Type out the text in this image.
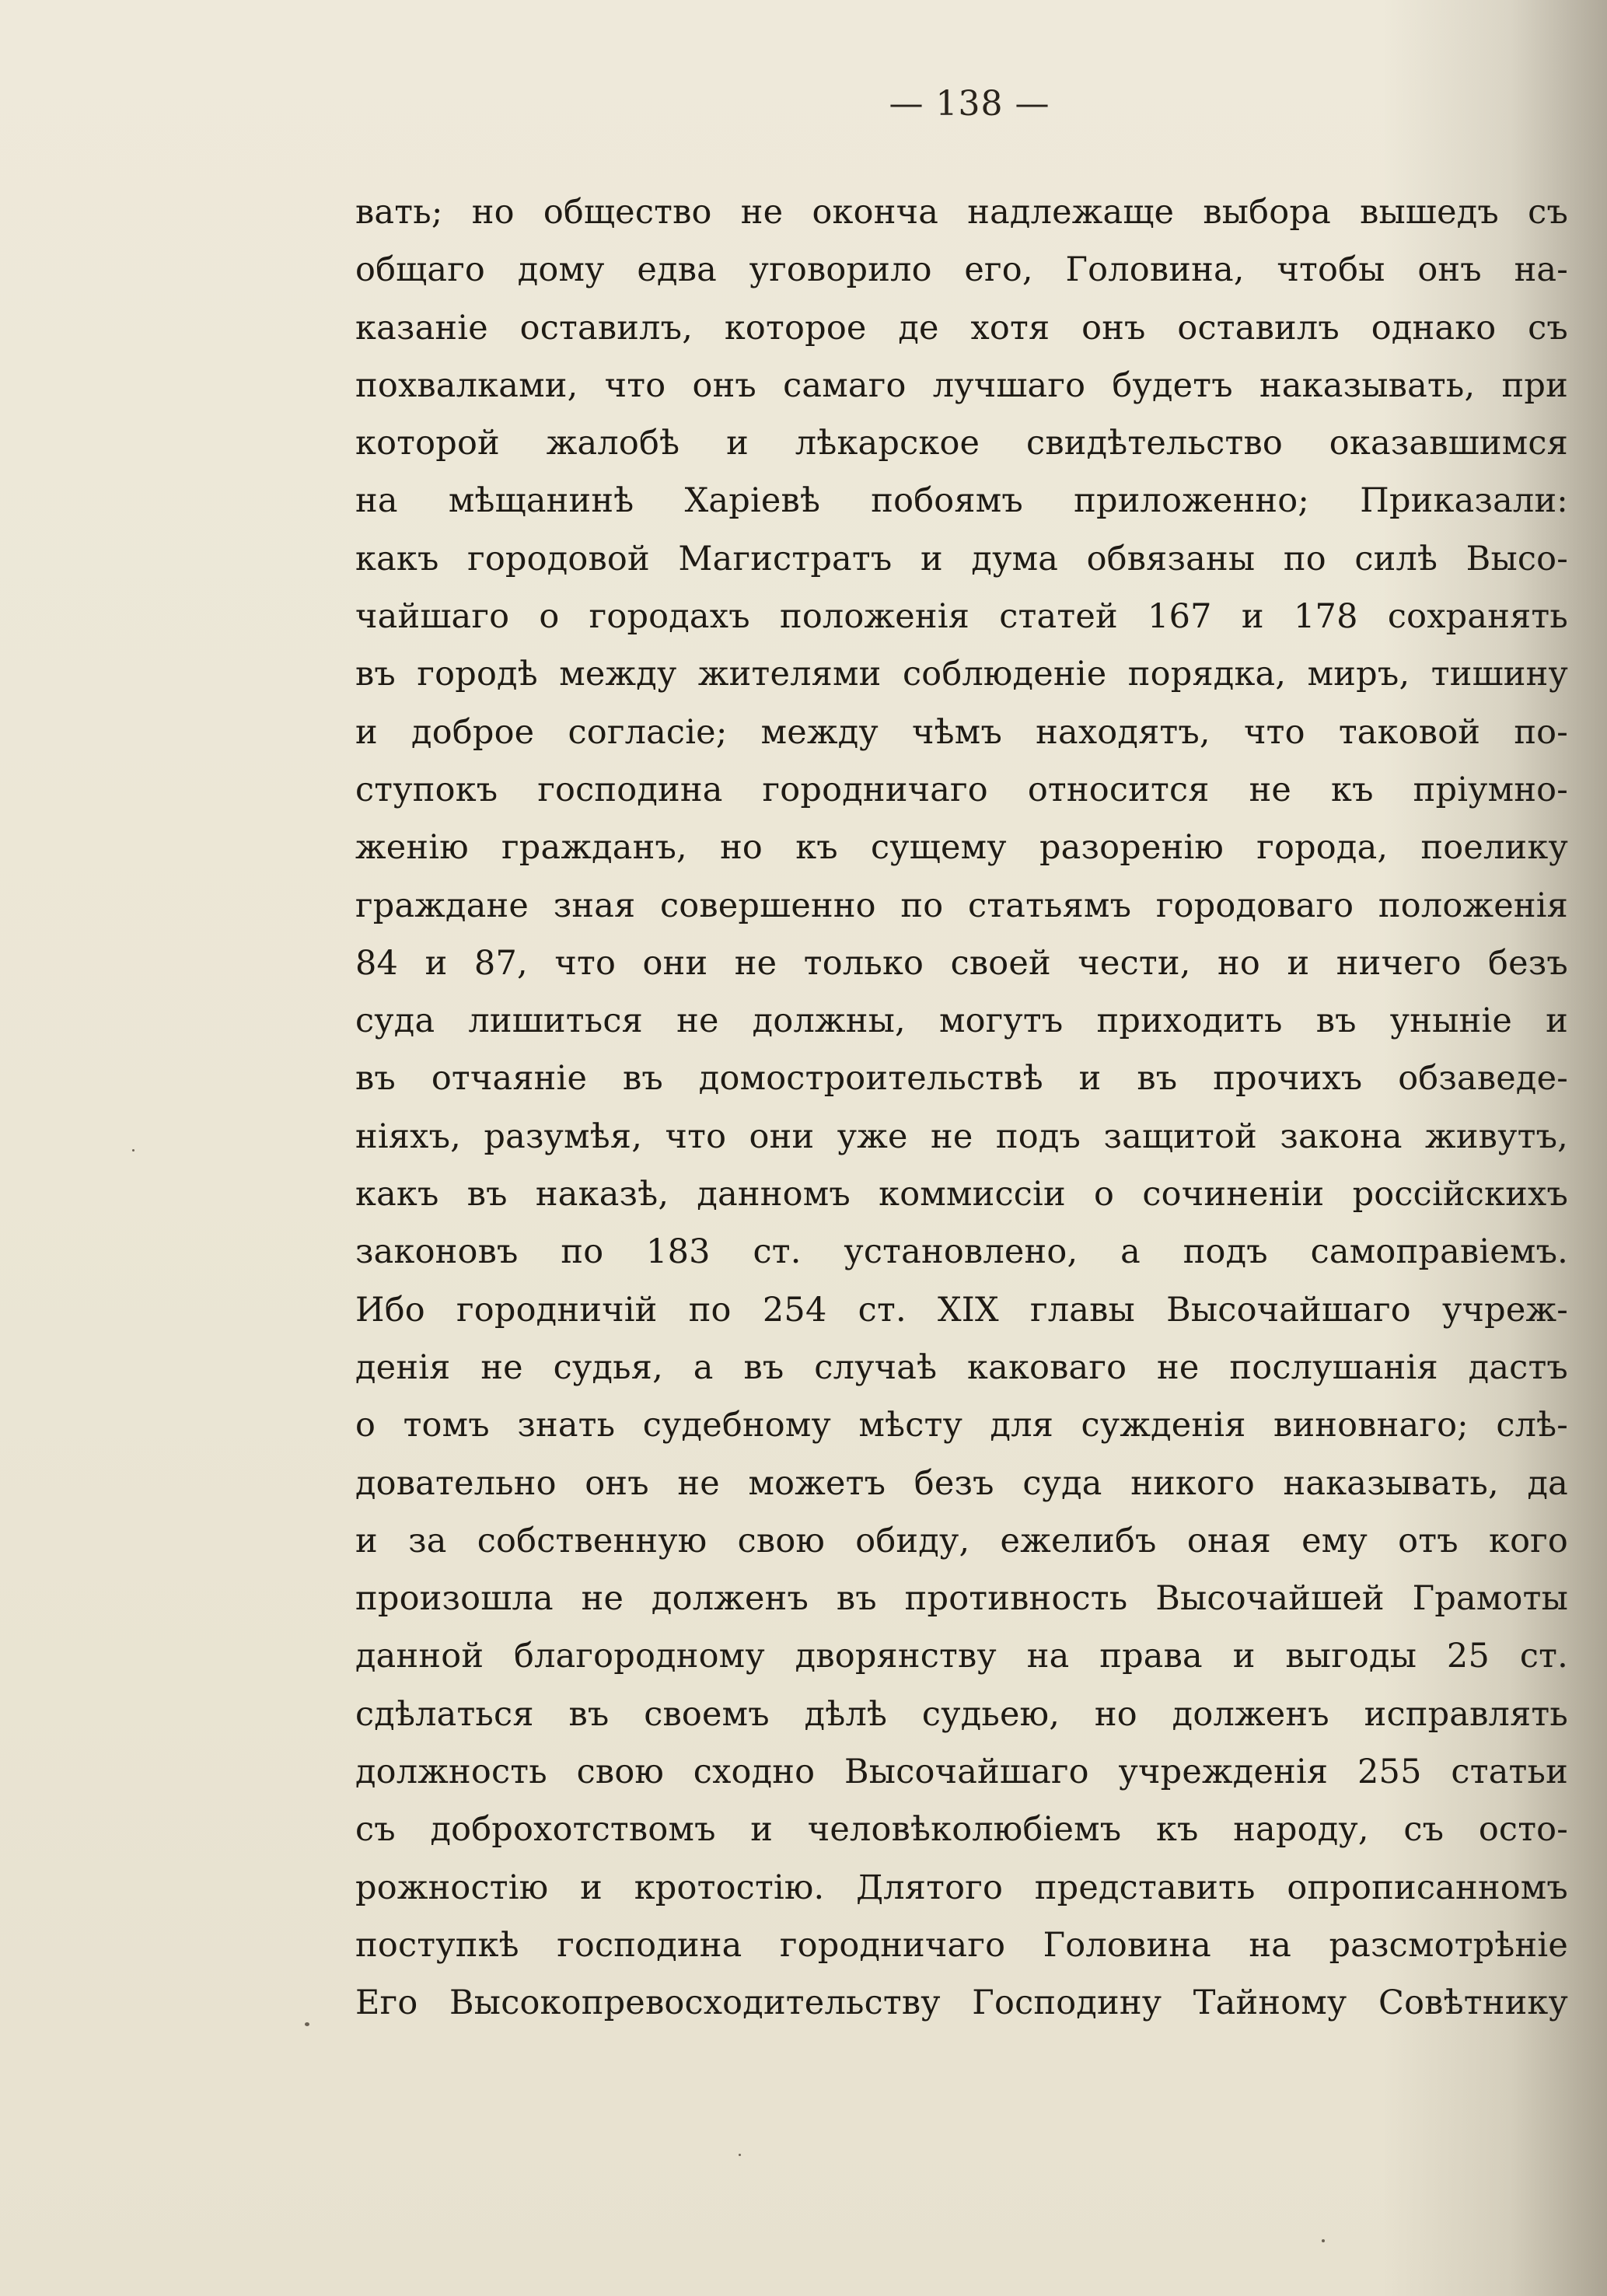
— 138 —
вать; но общество не окончa надлежаще выбора вышедъ съ
общаго дому едва уговорило его, Головина, чтобы онъ на-
казаніе оставилъ, которое де хотя онъ оставилъ однако съ
похвалками, что онъ самаго лучшаго будетъ наказывать, при
которой жалобѣ и лѣкарское свидѣтельство оказавшимся
на мѣщанинѣ Харіевѣ побоямъ приложенно; Приказали:
какъ городовой Магистратъ и дума обвязаны по силѣ Высо-
чайшаго о городахъ положенія статей 167 и 178 сохранять
въ городѣ между жителями соблюденіе порядка, миръ, тишину
и доброе согласіе; между чѣмъ находятъ, что таковой по-
ступокъ господина городничаго относится не къ пріумно-
женію гражданъ, но къ сущему разоренію города, поелику
граждане зная совершенно по статьямъ городоваго положенія
84 и 87, что они не только своей чести, но и ничего безъ
суда лишиться не должны, могутъ приходить въ уныніе и
въ отчаяніе въ домостроительствѣ и въ прочихъ обзаведе-
ніяхъ, разумѣя, что они уже не подъ защитой закона живутъ,
какъ въ наказѣ, данномъ коммиссіи о сочиненіи россійскихъ
законовъ по 183 ст. установлено, а подъ самоправіемъ.
Ибо городничій по 254 ст. XIX главы Высочайшаго учреж-
денія не судья, а въ случаѣ каковаго не послушанія дастъ
о томъ знать судебному мѣсту для сужденія виновнаго; слѣ-
довательно онъ не можетъ безъ суда никого наказывать, да
и за собственную свою обиду, ежелибъ оная ему отъ кого
произошла не долженъ въ противность Высочайшей Грамоты
данной благородному дворянству на права и выгоды 25 ст.
сдѣлаться въ своемъ дѣлѣ судьею, но долженъ исправлять
должность свою сходно Высочайшаго учрежденія 255 статьи
съ доброхотствомъ и человѣколюбіемъ къ народу, съ осто-
рожностію и кротостію. Длятого представить опрописанномъ
поступкѣ господина городничаго Головина на разсмотрѣніе
Его Высокопревосходительству Господину Тайному Совѣтнику
